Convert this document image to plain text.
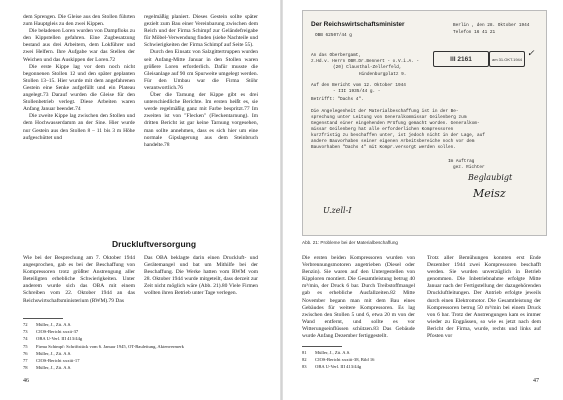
dem Sprengen. Die Gleise aus den Stollen führten zum Hauptgleis zu den zwei Kippen.

Die beladenen Loren wurden von Dampfloks zu den Kippstellen gefahren. Eine Zugbesatzung bestand aus drei Arbeitern, dem Lokführer und zwei Helfern. Ihre Aufgabe war das Stellen der Weichen und das Auskippen der Loren.72

Die erste Kippe lag vor dem noch nicht begonnenen Stollen 12 und den später geplanten Stollen 13–15. Hier wurde mit dem angefahrenen Gestein eine Senke aufgefüllt und ein Plateau angelegt.73 Darauf wurden die Gleise für den Stollenbetrieb verlegt. Diese Arbeiten waren Anfang Januar beendet.74

Die zweite Kippe lag zwischen den Stollen und dem Hochwasserdamm an der Sine. Hier wurde nur Gestein aus den Stollen 8 – 11 bis 3 m Höhe aufgeschüttet und

regelmäßig planiert. Dieses Gestein sollte später gezielt zum Bau einer Vereinbarung zwischen dem Reich und der Firma Schimpf zur Geländefreigabe für Möbel-Verwendung finden (siehe Nachteile und Schwierigkeiten der Firma Schimpf auf Seite 55).

Durch den Einsatz von Salzgittertruppen wurden seit Anfang-Mitte Januar in den Stollen waren größere Loren erforderlich. Dafür musste die Gleisanlage auf 90 cm Spurweite umgelegt werden. Für den Umbau war die Firma Stöhr verantwortlich.76

Über die Tarnung der Kippe gibt es drei unterschiedliche Berichte. Im ersten heißt es, sie werde regelmäßig ganz mit Farbe bespritzt.77 Im zweiten ist von "Flecken" (Fleckentarnung). Im dritten Bericht ist gar keine Tarnung vorgesehen, man sollte annehmen, dass es sich hier um eine normale Gipslagerung aus dem Steinbruch handelte.78

Druckluftversorgung

Wie bei der Besprechung am 7. Oktober 1944 angesprochen, gab es bei der Beschaffung von Kompressoren trotz größter Anstrengung aller Beteiligten erhebliche Schwierigkeiten. Unter anderem wurde sich das OBA mit einem Schreiben vom 22. Oktober 1944 an das Reichswirtschaftsministerium (RWM).79 Das

Das OBA beklagte darin einen Druckluft- und Gerätemangel und bat um Mithilfe bei der Beschaffung. Die Werke hatten vom RWM vom 28. Oktober 1944 wurde mitgeteilt, dass derzeit zur Zeit nicht möglich wäre (Abb. 21).80 Viele Firmen wollten ihren Betrieb unter Tage verlegen.

72	Müller, J., Zit. A.S.
73	CIOS-Bericht xxxii-37
74	OBA U-Verl. III 413/44g
75	Firma Schimpf: Schriftstück vom 6. Januar 1945, OT-Bauleitung, Aktenvermerk
76	Müller, J., Zit. A.S.
77	CIOS-Bericht xxxiii-17
78	Müller, J., Zit. A.S.
46
Der Reichswirtschaftsminister	Berlin , den 28. Oktober 1944
OBB 62507/44 g
Telefon 16 41 21
An das Oberbergamt,
z.Hd.v. Herrn OBR.Dr.Bennert - o.V.i.A. -
(20) Clausthal-Zellerfeld,
Hindenburgplatz 9.
III 2161	am 31.OKT.1944 ✓
Auf den Bericht vom 12. Oktober 1944
- III 1935/44 g. -
Betrifft: "Dachs 4".
Die Angelegenheit der Materialbeschaffung ist in der Be-
sprechung unter Leitung von Generalkommissar Geilenberg zum
Gegenstand einer eingehenden Prüfung gemacht worden. Generalkom-
missar Geilenberg hat alle erforderlichen Kompressoren
kurzfristig zu beschaffen unter, ist jedoch nicht in der Lage, auf
andere Bauvorhaben seiner eigenen Arbeitsbereiche noch vor dem
Bauvorhaben "Dachs 4" mit Kompr.versorgt werden sollen.
Im Auftrag
gez. Richter
Beglaubigt
Meisz
U.zell-I
Abb. 21: Probleme bei der Materialbeschaffung

Die ersten beiden Kompressoren wurden von Verbrennungsmotoren angetrieben (Diesel oder Benzin). Sie waren auf den Untergestellen von Kipploren montiert. Die Gesamtleistung betrug 40 m³/min, der Druck 6 bar. Durch Treibstoffmangel gab es erhebliche Ausfallzeiten.82 Mitte November begann man mit dem Bau eines Gebäudes für weitere Kompressoren. Es lag zwischen den Stollen 5 und 6, etwa 20 m von der Wand entfernt, und sollte es vor Witterungseinflüssen schützen.83 Das Gebäude wurde Anfang Dezember fertiggestellt.

Trotz aller Bemühungen konnten erst Ende Dezember 1944 zwei Kompressoren beschafft werden. Sie wurden unverzüglich in Betrieb genommen. Die Inbetriebnahme erfolgte Mitte Januar nach der Fertigstellung der dazugehörenden Druckluftleitungen. Der Antrieb erfolgte jeweils durch einen Elektromotor. Die Gesamtleistung der Kompressoren betrug 50 m³/min bei einem Druck von 6 bar. Trotz der Anstrengungen kam es immer wieder zu Engpässen, so wie es jetzt nach dem Bericht der Firma, wurde, rechts und links auf Pfosten vor

81	Müller, J., Zit. A.S.
82	CIOS-Bericht xxxiii-38, Bild 16
83	OBA U-Verl. III 413/44g
47
